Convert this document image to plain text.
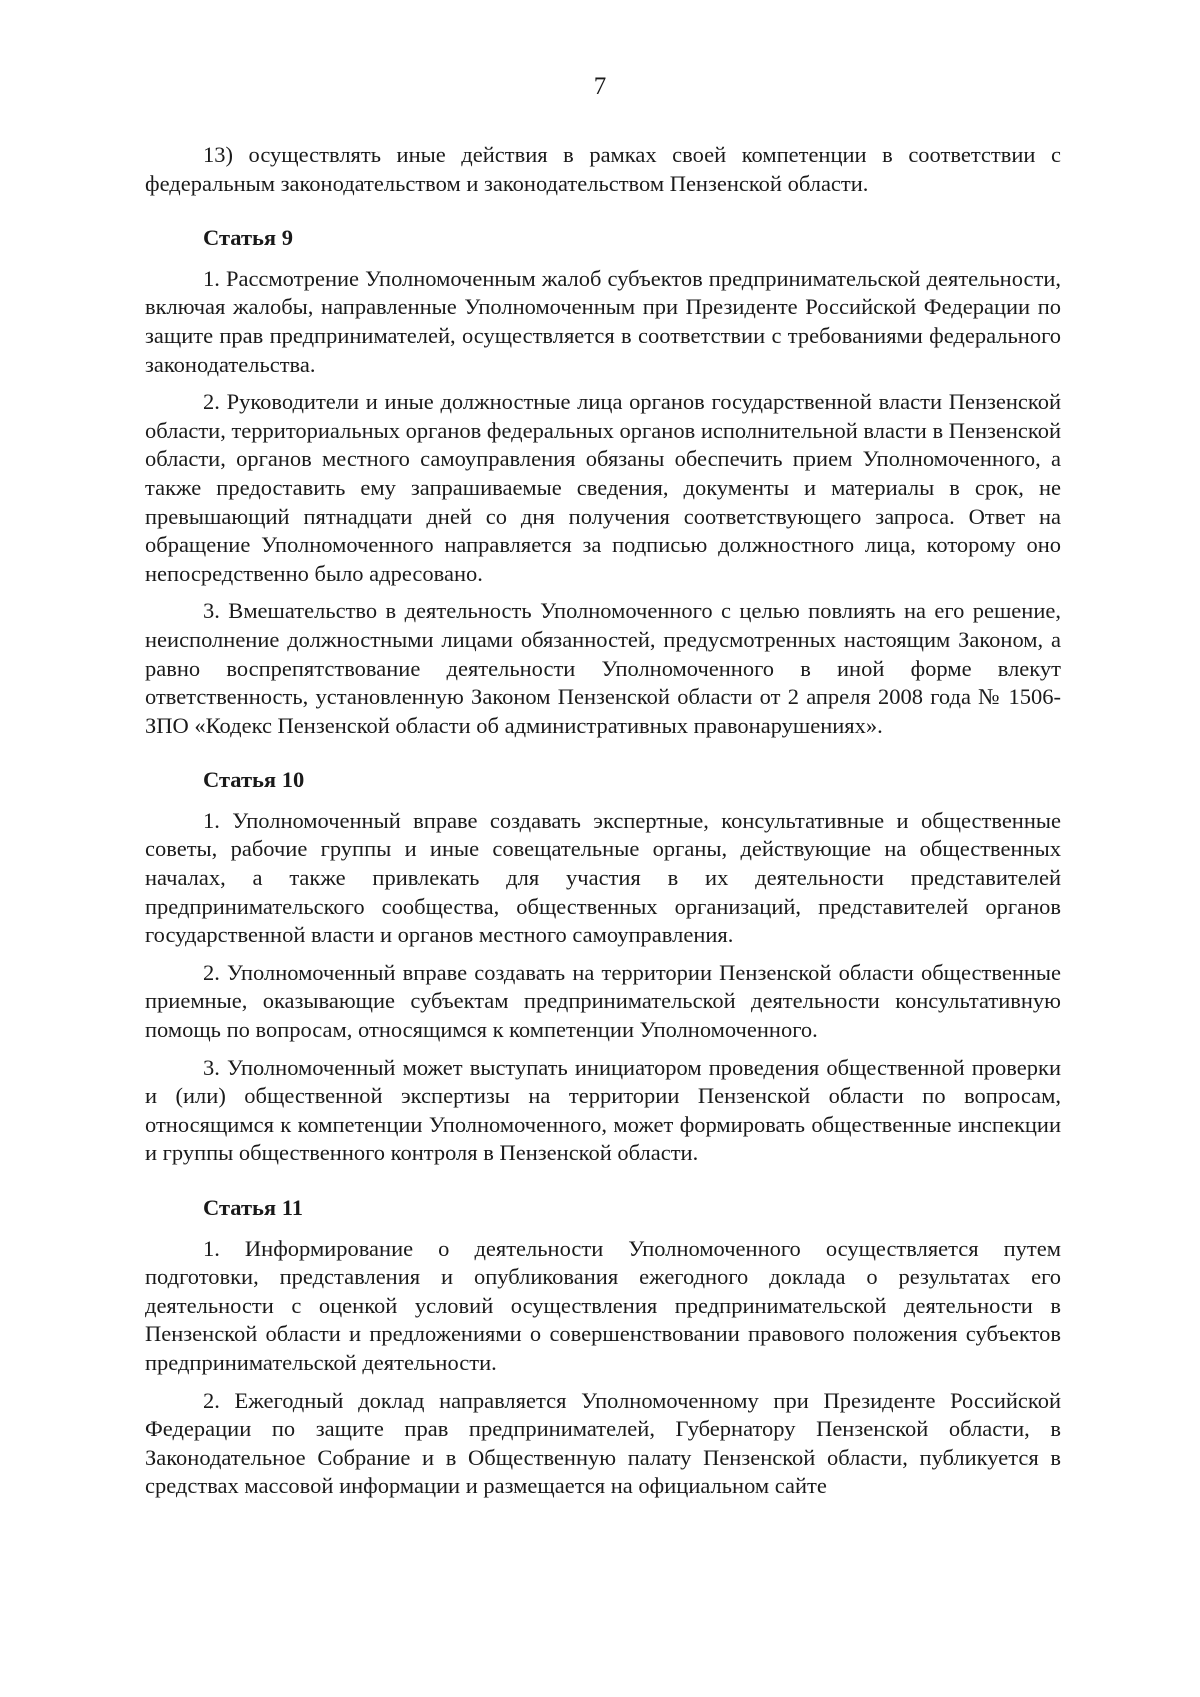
7

13) осуществлять иные действия в рамках своей компетенции в соответствии с федеральным законодательством и законодательством Пензенской области.

Статья 9

1. Рассмотрение Уполномоченным жалоб субъектов предпринимательской деятельности, включая жалобы, направленные Уполномоченным при Президенте Российской Федерации по защите прав предпринимателей, осуществляется в соответствии с требованиями федерального законодательства.

2. Руководители и иные должностные лица органов государственной власти Пензенской области, территориальных органов федеральных органов исполнительной власти в Пензенской области, органов местного самоуправления обязаны обеспечить прием Уполномоченного, а также предоставить ему запрашиваемые сведения, документы и материалы в срок, не превышающий пятнадцати дней со дня получения соответствующего запроса. Ответ на обращение Уполномоченного направляется за подписью должностного лица, которому оно непосредственно было адресовано.

3. Вмешательство в деятельность Уполномоченного с целью повлиять на его решение, неисполнение должностными лицами обязанностей, предусмотренных настоящим Законом, а равно воспрепятствование деятельности Уполномоченного в иной форме влекут ответственность, установленную Законом Пензенской области от 2 апреля 2008 года № 1506-ЗПО «Кодекс Пензенской области об административных правонарушениях».

Статья 10

1. Уполномоченный вправе создавать экспертные, консультативные и общественные советы, рабочие группы и иные совещательные органы, действующие на общественных началах, а также привлекать для участия в их деятельности представителей предпринимательского сообщества, общественных организаций, представителей органов государственной власти и органов местного самоуправления.

2. Уполномоченный вправе создавать на территории Пензенской области общественные приемные, оказывающие субъектам предпринимательской деятельности консультативную помощь по вопросам, относящимся к компетенции Уполномоченного.

3. Уполномоченный может выступать инициатором проведения общественной проверки и (или) общественной экспертизы на территории Пензенской области по вопросам, относящимся к компетенции Уполномоченного, может формировать общественные инспекции и группы общественного контроля в Пензенской области.

Статья 11

1. Информирование о деятельности Уполномоченного осуществляется путем подготовки, представления и опубликования ежегодного доклада о результатах его деятельности с оценкой условий осуществления предпринимательской деятельности в Пензенской области и предложениями о совершенствовании правового положения субъектов предпринимательской деятельности.

2. Ежегодный доклад направляется Уполномоченному при Президенте Российской Федерации по защите прав предпринимателей, Губернатору Пензенской области, в Законодательное Собрание и в Общественную палату Пензенской области, публикуется в средствах массовой информации и размещается на официальном сайте
